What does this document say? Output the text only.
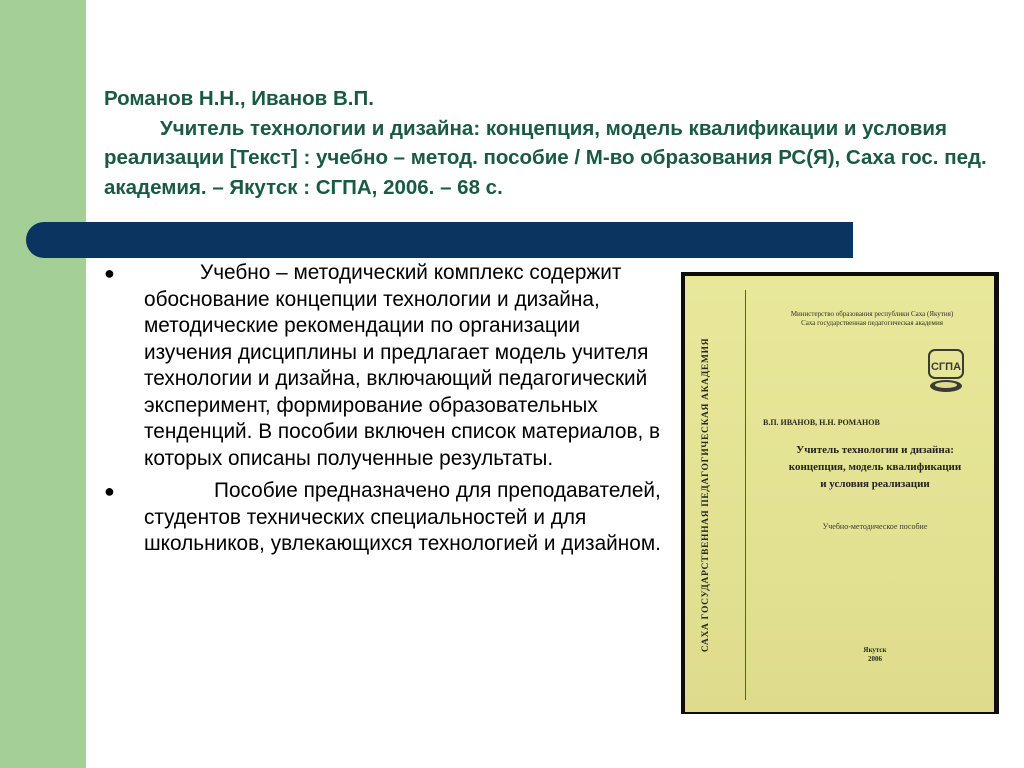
Романов Н.Н., Иванов В.П.
Учитель технологии и дизайна: концепция, модель квалификации и условия реализации [Текст] : учебно – метод. пособие / М-во образования РС(Я), Саха гос. пед. академия. – Якутск : СГПА, 2006. – 68 с.
●	Учебно – методический комплекс содержит обоснование концепции технологии и дизайна, методические рекомендации по организации изучения дисциплины и предлагает модель учителя технологии и дизайна, включающий педагогический эксперимент, формирование образовательных тенденций. В пособии включен список материалов, в которых описаны полученные результаты.
●	Пособие предназначено для преподавателей, студентов технических специальностей и для школьников, увлекающихся технологией и дизайном.	САХА ГОСУДАРСТВЕННАЯ ПЕДАГОГИЧЕСКАЯ АКАДЕМИЯ
Министерство образования республики Саха (Якутия)
Саха государственная педагогическая академия
СГПА
В.П. ИВАНОВ, Н.Н. РОМАНОВ
Учитель технологии и дизайна:
концепция, модель квалификации
и условия реализации
Учебно-методическое пособие
Якутск
2006
